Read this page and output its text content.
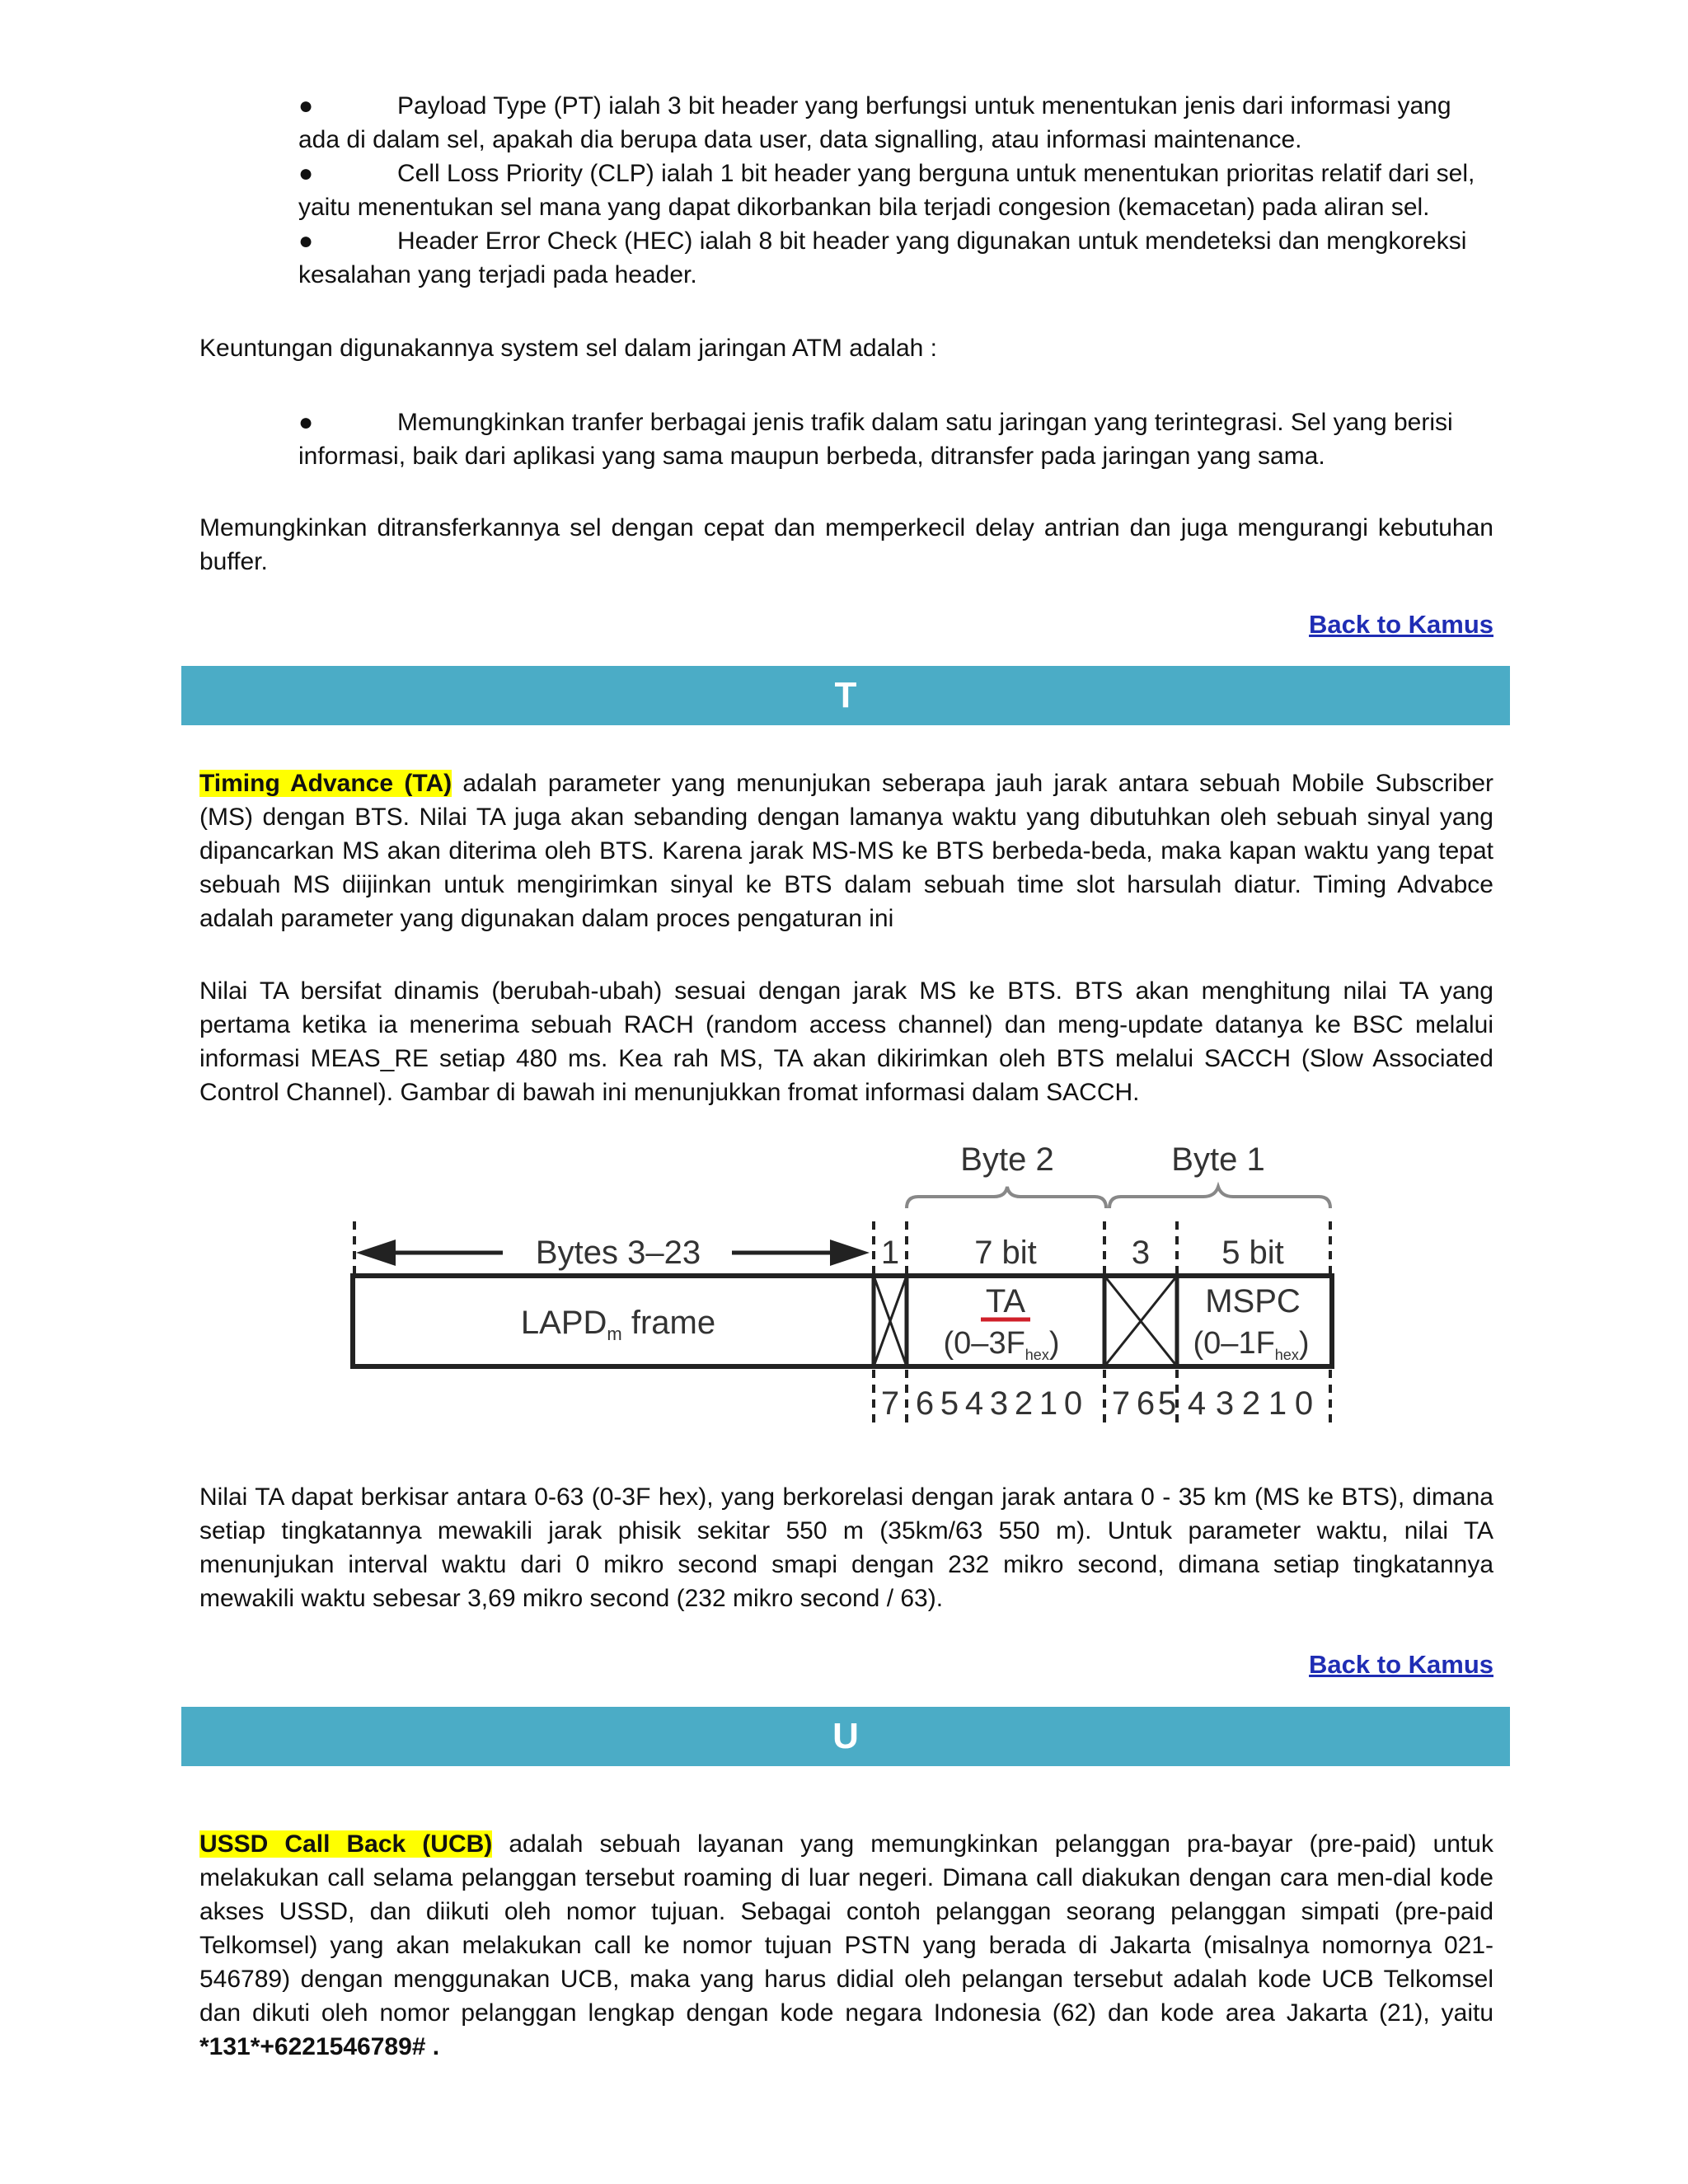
●	Payload Type (PT) ialah 3 bit header yang berfungsi untuk menentukan jenis dari informasi yang
ada di dalam sel, apakah dia berupa data user, data signalling, atau informasi maintenance.
●	Cell Loss Priority (CLP) ialah 1 bit header yang berguna untuk menentukan prioritas relatif dari sel,
yaitu menentukan sel mana yang dapat dikorbankan bila terjadi congesion (kemacetan) pada aliran sel.
●	Header Error Check (HEC) ialah 8 bit header yang digunakan untuk mendeteksi dan mengkoreksi
kesalahan yang terjadi pada header.

Keuntungan digunakannya system sel dalam jaringan ATM adalah :

●	Memungkinkan tranfer berbagai jenis trafik dalam satu jaringan yang terintegrasi. Sel yang berisi
informasi, baik dari aplikasi yang sama maupun berbeda, ditransfer pada jaringan yang sama.

Memungkinkan ditransferkannya sel dengan cepat dan memperkecil delay antrian dan juga mengurangi kebutuhan buffer.

Back to Kamus
T

Timing Advance (TA) adalah parameter yang menunjukan seberapa jauh jarak antara sebuah Mobile Subscriber (MS) dengan BTS. Nilai TA juga akan sebanding dengan lamanya waktu yang dibutuhkan oleh sebuah sinyal yang dipancarkan MS akan diterima oleh BTS. Karena jarak MS-MS ke BTS berbeda-beda, maka kapan waktu yang tepat sebuah MS diijinkan untuk mengirimkan sinyal ke BTS dalam sebuah time slot harsulah diatur. Timing Advabce adalah parameter yang digunakan dalam proces pengaturan ini

Nilai TA bersifat dinamis (berubah-ubah) sesuai dengan jarak MS ke BTS. BTS akan menghitung nilai TA yang pertama ketika ia menerima sebuah RACH (random access channel) dan meng-update datanya ke BSC melalui informasi MEAS_RE setiap 480 ms. Kea rah MS, TA akan dikirimkan oleh BTS melalui SACCH (Slow Associated Control Channel). Gambar di bawah ini menunjukkan fromat informasi dalam SACCH.

Byte 2	Byte 1
Bytes 3–23	1 7 bit	3 5 bit
$LAPD_m$ frame
TA
$(0-3F_{hex})$
MSPC
$(0-1F_{hex})$
7 6 5 4 3 2 1 0 7 6 5 4 3 2 1 0

Nilai TA dapat berkisar antara 0-63 (0-3F hex), yang berkorelasi dengan jarak antara 0 - 35 km (MS ke BTS), dimana setiap tingkatannya mewakili jarak phisik sekitar 550 m (35km/63 550 m). Untuk parameter waktu, nilai TA menunjukan interval waktu dari 0 mikro second smapi dengan 232 mikro second, dimana setiap tingkatannya mewakili waktu sebesar 3,69 mikro second (232 mikro second / 63).

Back to Kamus
U

USSD Call Back (UCB) adalah sebuah layanan yang memungkinkan pelanggan pra-bayar (pre-paid) untuk melakukan call selama pelanggan tersebut roaming di luar negeri. Dimana call diakukan dengan cara men-dial kode akses USSD, dan diikuti oleh nomor tujuan. Sebagai contoh pelanggan seorang pelanggan simpati (pre-paid Telkomsel) yang akan melakukan call ke nomor tujuan PSTN yang berada di Jakarta (misalnya nomornya 021-546789) dengan menggunakan UCB, maka yang harus didial oleh pelangan tersebut adalah kode UCB Telkomsel dan dikuti oleh nomor pelanggan lengkap dengan kode negara Indonesia (62) dan kode area Jakarta (21), yaitu *131*+6221546789# .
